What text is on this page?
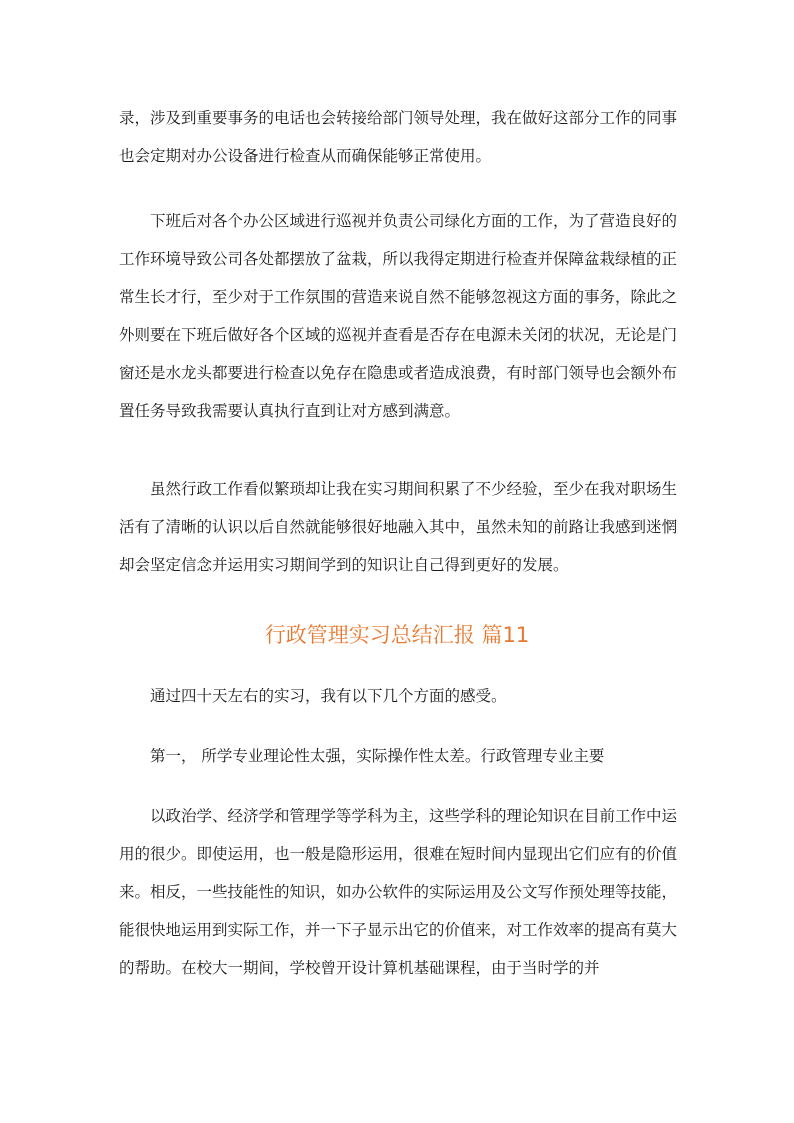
录，涉及到重要事务的电话也会转接给部门领导处理，我在做好这部分工作的同事也会定期对办公设备进行检查从而确保能够正常使用。

下班后对各个办公区域进行巡视并负责公司绿化方面的工作，为了营造良好的工作环境导致公司各处都摆放了盆栽，所以我得定期进行检查并保障盆栽绿植的正常生长才行，至少对于工作氛围的营造来说自然不能够忽视这方面的事务，除此之外则要在下班后做好各个区域的巡视并查看是否存在电源未关闭的状况，无论是门窗还是水龙头都要进行检查以免存在隐患或者造成浪费，有时部门领导也会额外布置任务导致我需要认真执行直到让对方感到满意。

虽然行政工作看似繁琐却让我在实习期间积累了不少经验，至少在我对职场生活有了清晰的认识以后自然就能够很好地融入其中，虽然未知的前路让我感到迷惘却会坚定信念并运用实习期间学到的知识让自己得到更好的发展。

行政管理实习总结汇报 篇11

通过四十天左右的实习，我有以下几个方面的感受。

第一， 所学专业理论性太强，实际操作性太差。行政管理专业主要

以政治学、经济学和管理学等学科为主，这些学科的理论知识在目前工作中运用的很少。即使运用，也一般是隐形运用，很难在短时间内显现出它们应有的价值来。相反，一些技能性的知识，如办公软件的实际运用及公文写作预处理等技能，能很快地运用到实际工作，并一下子显示出它的价值来，对工作效率的提高有莫大的帮助。在校大一期间，学校曾开设计算机基础课程，由于当时学的并
